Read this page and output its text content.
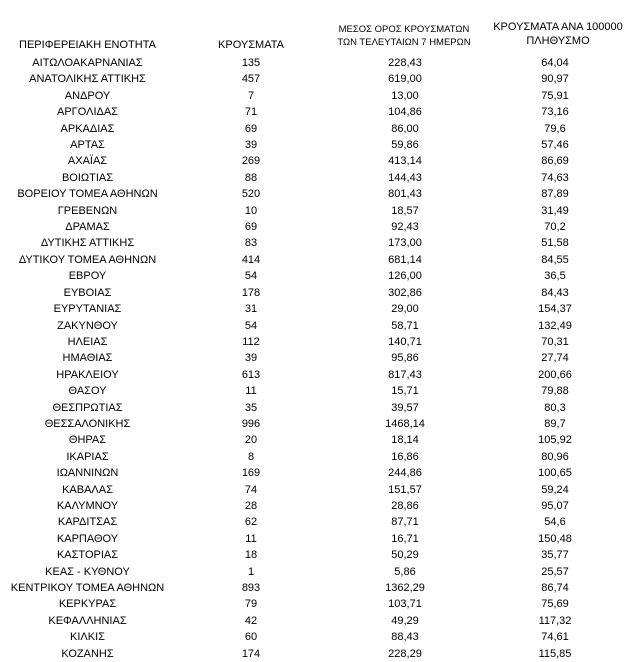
ΠΕΡΙΦΕΡΕΙΑΚΗ ΕΝΟΤΗΤΑ	ΚΡΟΥΣΜΑΤΑ
ΜΕΣΟΣ ΟΡΟΣ ΚΡΟΥΣΜΑΤΩΝ
ΤΩΝ ΤΕΛΕΥΤΑΙΩΝ 7 ΗΜΕΡΩΝ
ΚΡΟΥΣΜΑΤΑ ΑΝΑ 100000
ΠΛΗΘΥΣΜΟ
ΑΙΤΩΛΟΑΚΑΡΝΑΝΙΑΣ	135	228,43	64,04
ΑΝΑΤΟΛΙΚΗΣ ΑΤΤΙΚΗΣ	457	619,00	90,97
ΑΝΔΡΟΥ	7	13,00	75,91
ΑΡΓΟΛΙΔΑΣ	71	104,86	73,16
ΑΡΚΑΔΙΑΣ	69	86,00	79,6
ΑΡΤΑΣ	39	59,86	57,46
ΑΧΑΪΑΣ	269	413,14	86,69
ΒΟΙΩΤΙΑΣ	88	144,43	74,63
ΒΟΡΕΙΟΥ ΤΟΜΕΑ ΑΘΗΝΩΝ	520	801,43	87,89
ΓΡΕΒΕΝΩΝ	10	18,57	31,49
ΔΡΑΜΑΣ	69	92,43	70,2
ΔΥΤΙΚΗΣ ΑΤΤΙΚΗΣ	83	173,00	51,58
ΔΥΤΙΚΟΥ ΤΟΜΕΑ ΑΘΗΝΩΝ	414	681,14	84,55
ΕΒΡΟΥ	54	126,00	36,5
ΕΥΒΟΙΑΣ	178	302,86	84,43
ΕΥΡΥΤΑΝΙΑΣ	31	29,00	154,37
ΖΑΚΥΝΘΟΥ	54	58,71	132,49
ΗΛΕΙΑΣ	112	140,71	70,31
ΗΜΑΘΙΑΣ	39	95,86	27,74
ΗΡΑΚΛΕΙΟΥ	613	817,43	200,66
ΘΑΣΟΥ	11	15,71	79,88
ΘΕΣΠΡΩΤΙΑΣ	35	39,57	80,3
ΘΕΣΣΑΛΟΝΙΚΗΣ	996	1468,14	89,7
ΘΗΡΑΣ	20	18,14	105,92
ΙΚΑΡΙΑΣ	8	16,86	80,96
ΙΩΑΝΝΙΝΩΝ	169	244,86	100,65
ΚΑΒΑΛΑΣ	74	151,57	59,24
ΚΑΛΥΜΝΟΥ	28	28,86	95,07
ΚΑΡΔΙΤΣΑΣ	62	87,71	54,6
ΚΑΡΠΑΘΟΥ	11	16,71	150,48
ΚΑΣΤΟΡΙΑΣ	18	50,29	35,77
ΚΕΑΣ - ΚΥΘΝΟΥ	1	5,86	25,57
ΚΕΝΤΡΙΚΟΥ ΤΟΜΕΑ ΑΘΗΝΩΝ	893	1362,29	86,74
ΚΕΡΚΥΡΑΣ	79	103,71	75,69
ΚΕΦΑΛΛΗΝΙΑΣ	42	49,29	117,32
ΚΙΛΚΙΣ	60	88,43	74,61
ΚΟΖΑΝΗΣ	174	228,29	115,85
